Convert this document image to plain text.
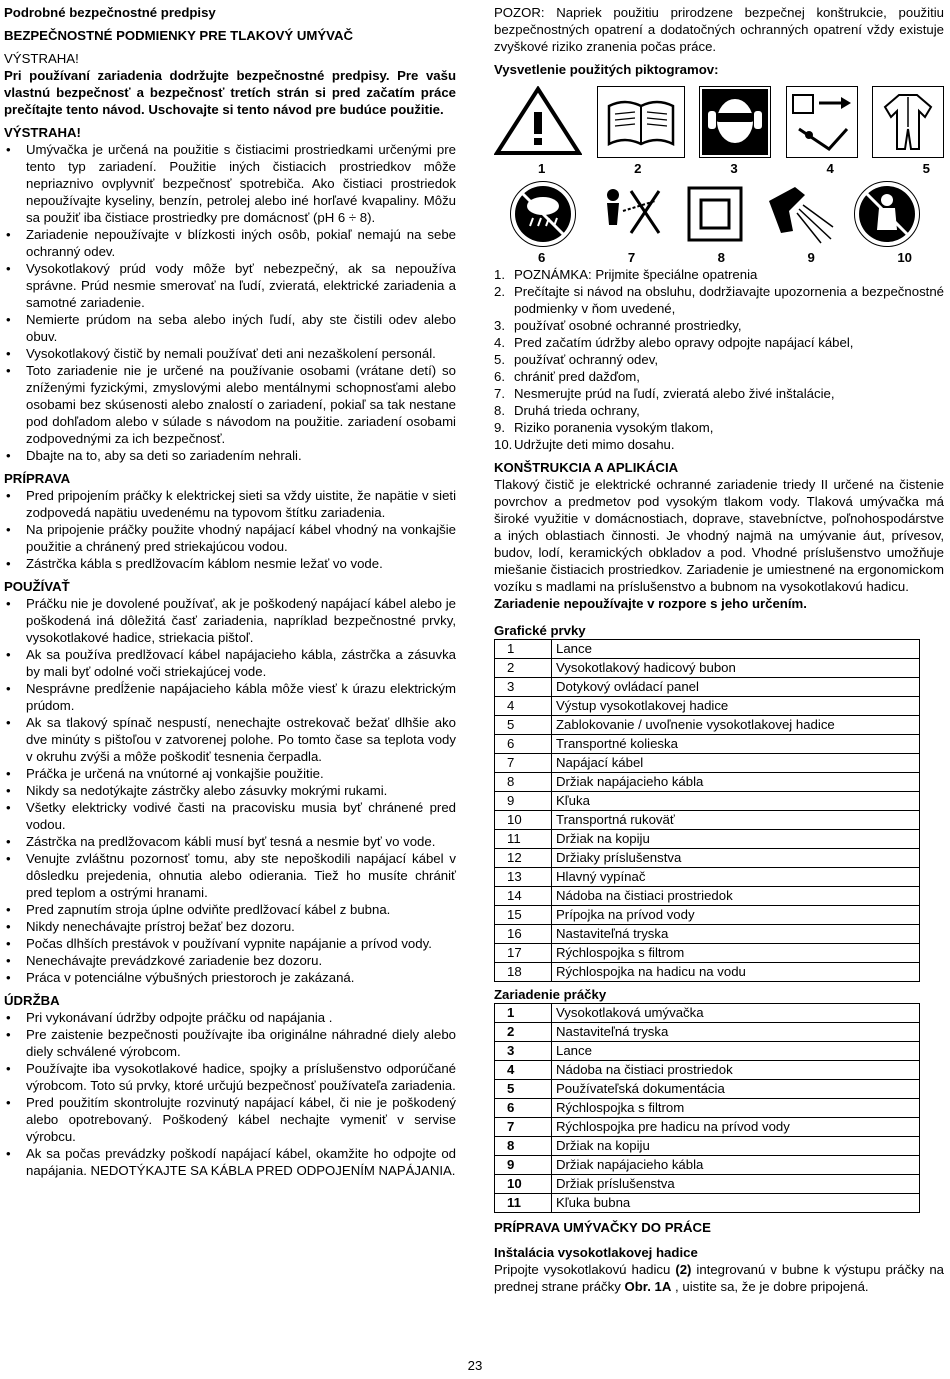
Podrobné bezpečnostné predpisy

BEZPEČNOSTNÉ PODMIENKY PRE TLAKOVÝ UMÝVAČ

VÝSTRAHA!

Pri používaní zariadenia dodržujte bezpečnostné predpisy. Pre vašu vlastnú bezpečnosť a bezpečnosť tretích strán si pred začatím práce prečítajte tento návod. Uschovajte si tento návod pre budúce použitie.

VÝSTRAHA!

• Umývačka je určená na použitie s čistiacimi prostriedkami určenými pre tento typ zariadení. Použitie iných čistiacich prostriedkov môže nepriaznivo ovplyvniť bezpečnosť spotrebiča. Ako čistiaci prostriedok nepoužívajte kyseliny, benzín, petrolej alebo iné horľavé kvapaliny. Môžu sa použiť iba čistiace prostriedky pre domácnosť (pH 6 ÷ 8).
• Zariadenie nepoužívajte v blízkosti iných osôb, pokiaľ nemajú na sebe ochranný odev.
• Vysokotlakový prúd vody môže byť nebezpečný, ak sa nepoužíva správne. Prúd nesmie smerovať na ľudí, zvieratá, elektrické zariadenia a samotné zariadenie.
• Nemierte prúdom na seba alebo iných ľudí, aby ste čistili odev alebo obuv.
• Vysokotlakový čistič by nemali používať deti ani nezaškolení personál.
• Toto zariadenie nie je určené na používanie osobami (vrátane detí) so zníženými fyzickými, zmyslovými alebo mentálnymi schopnosťami alebo osobami bez skúsenosti alebo znalostí o zariadení, pokiaľ sa tak nestane pod dohľadom alebo v súlade s návodom na použitie. zariadení osobami zodpovednými za ich bezpečnosť.
• Dbajte na to, aby sa deti so zariadením nehrali.

PRÍPRAVA

• Pred pripojením práčky k elektrickej sieti sa vždy uistite, že napätie v sieti zodpovedá napätiu uvedenému na typovom štítku zariadenia.
• Na pripojenie práčky použite vhodný napájací kábel vhodný na vonkajšie použitie a chránený pred striekajúcou vodou.
• Zástrčka kábla s predlžovacím káblom nesmie ležať vo vode.

POUŽÍVAŤ

• Práčku nie je dovolené používať, ak je poškodený napájací kábel alebo je poškodená iná dôležitá časť zariadenia, napríklad bezpečnostné prvky, vysokotlakové hadice, striekacia pištoľ.
• Ak sa používa predlžovací kábel napájacieho kábla, zástrčka a zásuvka by mali byť odolné voči striekajúcej vode.
• Nesprávne predĺženie napájacieho kábla môže viesť k úrazu elektrickým prúdom.
• Ak sa tlakový spínač nespustí, nenechajte ostrekovač bežať dlhšie ako dve minúty s pištoľou v zatvorenej polohe. Po tomto čase sa teplota vody v okruhu zvýši a môže poškodiť tesnenia čerpadla.
• Práčka je určená na vnútorné aj vonkajšie použitie.
• Nikdy sa nedotýkajte zástrčky alebo zásuvky mokrými rukami.
• Všetky elektricky vodivé časti na pracovisku musia byť chránené pred vodou.
• Zástrčka na predlžovacom kábli musí byť tesná a nesmie byť vo vode.
• Venujte zvláštnu pozornosť tomu, aby ste nepoškodili napájací kábel v dôsledku prejedenia, ohnutia alebo odierania. Tiež ho musíte chrániť pred teplom a ostrými hranami.
• Pred zapnutím stroja úplne odviňte predlžovací kábel z bubna.
• Nikdy nenechávajte prístroj bežať bez dozoru.
• Počas dlhších prestávok v používaní vypnite napájanie a prívod vody.
• Nenechávajte prevádzkové zariadenie bez dozoru.
• Práca v potenciálne výbušných priestoroch je zakázaná.

ÚDRŽBA

• Pri vykonávaní údržby odpojte práčku od napájania .
• Pre zaistenie bezpečnosti používajte iba originálne náhradné diely alebo diely schválené výrobcom.
• Používajte iba vysokotlakové hadice, spojky a príslušenstvo odporúčané výrobcom. Toto sú prvky, ktoré určujú bezpečnosť používateľa zariadenia.
• Pred použitím skontrolujte rozvinutý napájací kábel, či nie je poškodený alebo opotrebovaný. Poškodený kábel nechajte vymeniť v servise výrobcu.
• Ak sa počas prevádzky poškodí napájací kábel, okamžite ho odpojte od napájania. NEDOTÝKAJTE SA KÁBLA PRED ODPOJENÍM NAPÁJANIA.

POZOR: Napriek použitiu prirodzene bezpečnej konštrukcie, použitiu bezpečnostných opatrení a dodatočných ochranných opatrení vždy existuje zvyškové riziko zranenia počas práce.

Vysvetlenie použitých piktogramov:

1	2	3	4	5
6	7	8	9	10
1. POZNÁMKA: Prijmite špeciálne opatrenia
2. Prečítajte si návod na obsluhu, dodržiavajte upozornenia a bezpečnostné podmienky v ňom uvedené,
3. používať osobné ochranné prostriedky,
4. Pred začatím údržby alebo opravy odpojte napájací kábel,
5. používať ochranný odev,
6. chrániť pred dažďom,
7. Nesmerujte prúd na ľudí, zvieratá alebo živé inštalácie,
8. Druhá trieda ochrany,
9. Riziko poranenia vysokým tlakom,
10. Udržujte deti mimo dosahu.

KONŠTRUKCIA A APLIKÁCIA

Tlakový čistič je elektrické ochranné zariadenie triedy II určené na čistenie povrchov a predmetov pod vysokým tlakom vody. Tlaková umývačka má široké využitie v domácnostiach, doprave, stavebníctve, poľnohospodárstve a iných oblastiach činnosti. Je vhodný najmä na umývanie áut, prívesov, budov, lodí, keramických obkladov a pod. Vhodné príslušenstvo umožňuje miešanie čistiacich prostriedkov. Zariadenie je umiestnené na ergonomickom vozíku s madlami na príslušenstvo a bubnom na vysokotlakovú hadicu.

Zariadenie nepoužívajte v rozpore s jeho určením.

Grafické prvky

1	Lance
2	Vysokotlakový hadicový bubon
3	Dotykový ovládací panel
4	Výstup vysokotlakovej hadice
5	Zablokovanie / uvoľnenie vysokotlakovej hadice
6	Transportné kolieska
7	Napájací kábel
8	Držiak napájacieho kábla
9	Kľuka
10	Transportná rukoväť
11	Držiak na kopiju
12	Držiaky príslušenstva
13	Hlavný vypínač
14	Nádoba na čistiaci prostriedok
15	Prípojka na prívod vody
16	Nastaviteľná tryska
17	Rýchlospojka s filtrom
18	Rýchlospojka na hadicu na vodu

Zariadenie práčky

1	Vysokotlaková umývačka
2	Nastaviteľná tryska
3	Lance
4	Nádoba na čistiaci prostriedok
5	Používateľská dokumentácia
6	Rýchlospojka s filtrom
7	Rýchlospojka pre hadicu na prívod vody
8	Držiak na kopiju
9	Držiak napájacieho kábla
10	Držiak príslušenstva
11	Kľuka bubna

PRÍPRAVA UMÝVAČKY DO PRÁCE

Inštalácia vysokotlakovej hadice

Pripojte vysokotlakovú hadicu (2) integrovanú v bubne k výstupu práčky na prednej strane práčky Obr. 1A , uistite sa, že je dobre pripojená.

23
